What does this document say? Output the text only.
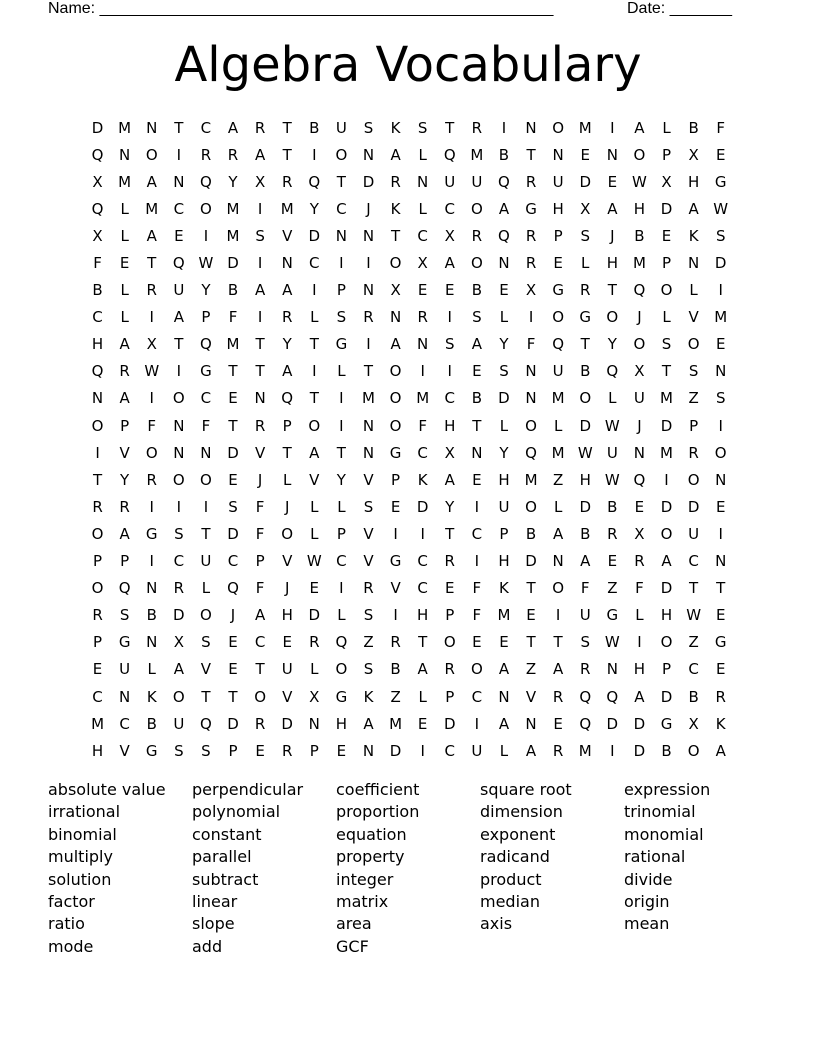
Name: ___________________________________________________	Date: _______
Algebra Vocabulary
D	M	N	T	C	A	R	T	B	U	S	K	S	T	R	I	N	O	M	I	A	L	B	F
Q	N	O	I	R	R	A	T	I	O	N	A	L	Q	M	B	T	N	E	N	O	P	X	E
X	M	A	N	Q	Y	X	R	Q	T	D	R	N	U	U	Q	R	U	D	E	W	X	H	G
Q	L	M	C	O	M	I	M	Y	C	J	K	L	C	O	A	G	H	X	A	H	D	A	W
X	L	A	E	I	M	S	V	D	N	N	T	C	X	R	Q	R	P	S	J	B	E	K	S
F	E	T	Q	W	D	I	N	C	I	I	O	X	A	O	N	R	E	L	H	M	P	N	D
B	L	R	U	Y	B	A	A	I	P	N	X	E	E	B	E	X	G	R	T	Q	O	L	I
C	L	I	A	P	F	I	R	L	S	R	N	R	I	S	L	I	O	G	O	J	L	V	M
H	A	X	T	Q	M	T	Y	T	G	I	A	N	S	A	Y	F	Q	T	Y	O	S	O	E
Q	R	W	I	G	T	T	A	I	L	T	O	I	I	E	S	N	U	B	Q	X	T	S	N
N	A	I	O	C	E	N	Q	T	I	M	O	M	C	B	D	N	M	O	L	U	M	Z	S
O	P	F	N	F	T	R	P	O	I	N	O	F	H	T	L	O	L	D	W	J	D	P	I
I	V	O	N	N	D	V	T	A	T	N	G	C	X	N	Y	Q	M	W	U	N	M	R	O
T	Y	R	O	O	E	J	L	V	Y	V	P	K	A	E	H	M	Z	H	W	Q	I	O	N
R	R	I	I	I	S	F	J	L	L	S	E	D	Y	I	U	O	L	D	B	E	D	D	E
O	A	G	S	T	D	F	O	L	P	V	I	I	T	C	P	B	A	B	R	X	O	U	I
P	P	I	C	U	C	P	V	W	C	V	G	C	R	I	H	D	N	A	E	R	A	C	N
O	Q	N	R	L	Q	F	J	E	I	R	V	C	E	F	K	T	O	F	Z	F	D	T	T
R	S	B	D	O	J	A	H	D	L	S	I	H	P	F	M	E	I	U	G	L	H	W	E
P	G	N	X	S	E	C	E	R	Q	Z	R	T	O	E	E	T	T	S	W	I	O	Z	G
E	U	L	A	V	E	T	U	L	O	S	B	A	R	O	A	Z	A	R	N	H	P	C	E
C	N	K	O	T	T	O	V	X	G	K	Z	L	P	C	N	V	R	Q	Q	A	D	B	R
M	C	B	U	Q	D	R	D	N	H	A	M	E	D	I	A	N	E	Q	D	D	G	X	K
H	V	G	S	S	P	E	R	P	E	N	D	I	C	U	L	A	R	M	I	D	B	O	A
absolute value
irrational
binomial
multiply
solution
factor
ratio
mode
perpendicular
polynomial
constant
parallel
subtract
linear
slope
add
coefficient
proportion
equation
property
integer
matrix
area
GCF
square root
dimension
exponent
radicand
product
median
axis
expression
trinomial
monomial
rational
divide
origin
mean
